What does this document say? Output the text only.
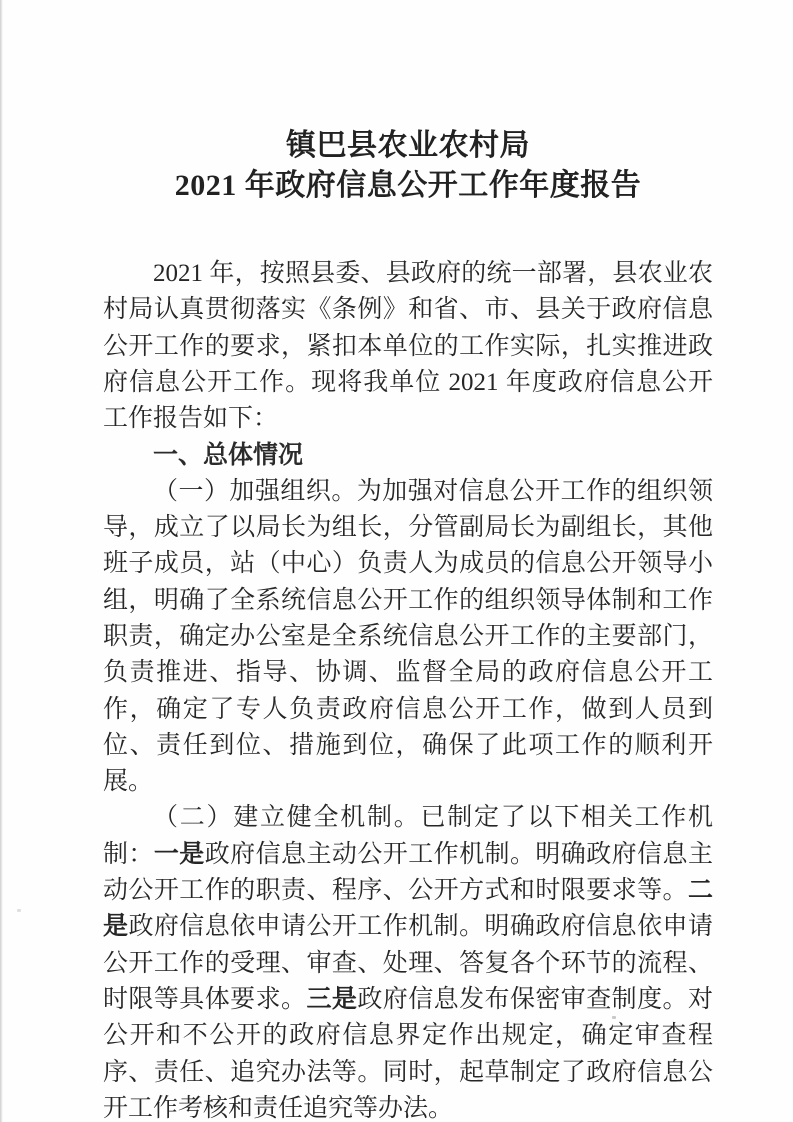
镇巴县农业农村局
2021 年政府信息公开工作年度报告

2021 年，按照县委、县政府的统一部署，县农业农村局认真贯彻落实《条例》和省、市、县关于政府信息公开工作的要求，紧扣本单位的工作实际，扎实推进政府信息公开工作。现将我单位 2021 年度政府信息公开工作报告如下：

一、总体情况

（一）加强组织。为加强对信息公开工作的组织领导，成立了以局长为组长，分管副局长为副组长，其他班子成员，站（中心）负责人为成员的信息公开领导小组，明确了全系统信息公开工作的组织领导体制和工作职责，确定办公室是全系统信息公开工作的主要部门，负责推进、指导、协调、监督全局的政府信息公开工作，确定了专人负责政府信息公开工作，做到人员到位、责任到位、措施到位，确保了此项工作的顺利开展。

（二）建立健全机制。已制定了以下相关工作机制：一是政府信息主动公开工作机制。明确政府信息主动公开工作的职责、程序、公开方式和时限要求等。二是政府信息依申请公开工作机制。明确政府信息依申请公开工作的受理、审查、处理、答复各个环节的流程、时限等具体要求。三是政府信息发布保密审查制度。对公开和不公开的政府信息界定作出规定，确定审查程序、责任、追究办法等。同时，起草制定了政府信息公开工作考核和责任追究等办法。
